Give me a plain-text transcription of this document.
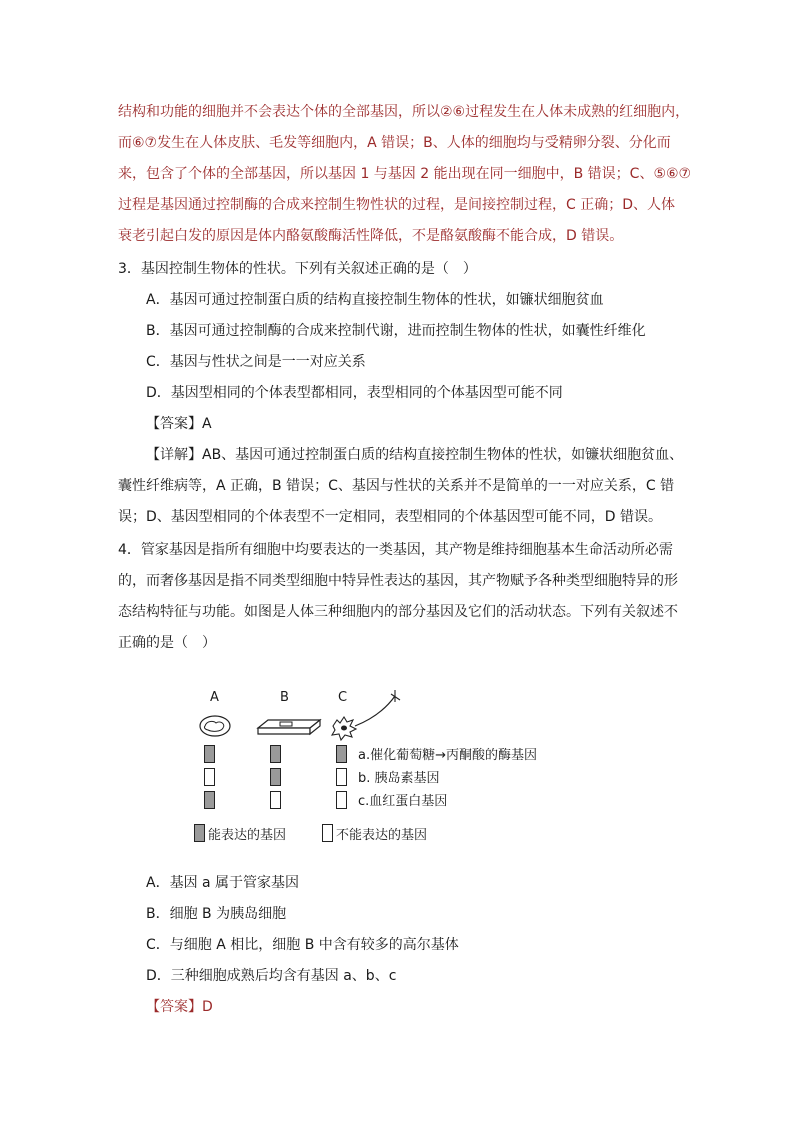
结构和功能的细胞并不会表达个体的全部基因，所以②⑥过程发生在人体未成熟的红细胞内，
而⑥⑦发生在人体皮肤、毛发等细胞内，A 错误；B、人体的细胞均与受精卵分裂、分化而
来，包含了个体的全部基因，所以基因 1 与基因 2 能出现在同一细胞中，B 错误；C、⑤⑥⑦
过程是基因通过控制酶的合成来控制生物性状的过程，是间接控制过程，C 正确；D、人体
衰老引起白发的原因是体内酪氨酸酶活性降低，不是酪氨酸酶不能合成，D 错误。
3．基因控制生物体的性状。下列有关叙述正确的是（　）
A．基因可通过控制蛋白质的结构直接控制生物体的性状，如镰状细胞贫血
B．基因可通过控制酶的合成来控制代谢，进而控制生物体的性状，如囊性纤维化
C．基因与性状之间是一一对应关系
D．基因型相同的个体表型都相同，表型相同的个体基因型可能不同
【答案】A
【详解】AB、基因可通过控制蛋白质的结构直接控制生物体的性状，如镰状细胞贫血、
囊性纤维病等，A 正确，B 错误；C、基因与性状的关系并不是简单的一一对应关系，C 错
误；D、基因型相同的个体表型不一定相同，表型相同的个体基因型可能不同，D 错误。
4．管家基因是指所有细胞中均要表达的一类基因，其产物是维持细胞基本生命活动所必需
的，而奢侈基因是指不同类型细胞中特异性表达的基因，其产物赋予各种类型细胞特异的形
态结构特征与功能。如图是人体三种细胞内的部分基因及它们的活动状态。下列有关叙述不
正确的是（　）
A	B	C
a.催化葡萄糖→丙酮酸的酶基因
b. 胰岛素基因
c.血红蛋白基因
能表达的基因	不能表达的基因
A．基因 a 属于管家基因
B．细胞 B 为胰岛细胞
C．与细胞 A 相比，细胞 B 中含有较多的高尔基体
D．三种细胞成熟后均含有基因 a、b、c
【答案】D
